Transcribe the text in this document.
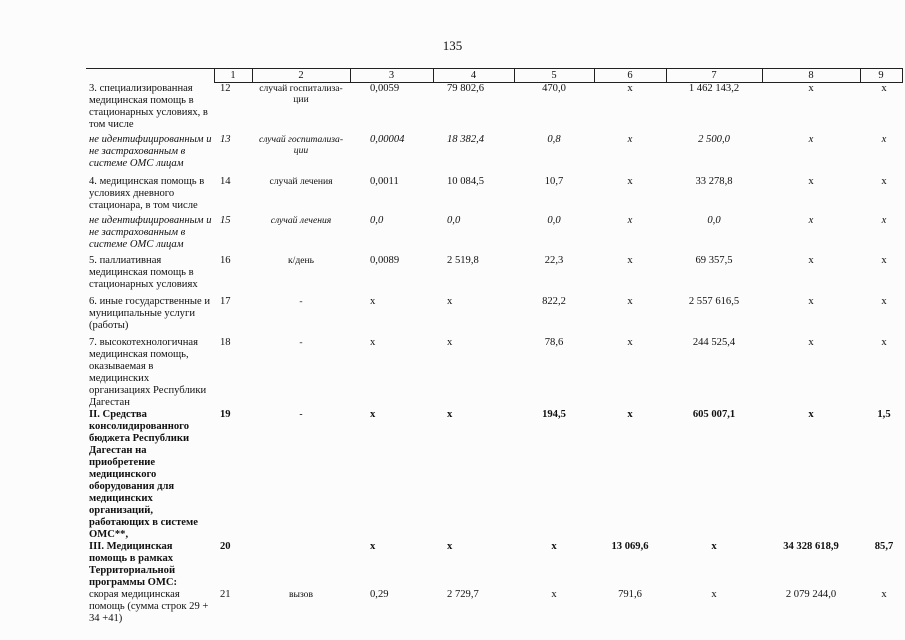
135
	1	2	3	4	5	6	7	8	9
3. специализированная медицинская помощь в стационарных условиях, в том числе	12	случай госпитализа-ции	0,0059	79 802,6	470,0	х	1 462 143,2	х	х
не идентифицированным и не застрахованным в системе ОМС лицам	13	случай госпитализа-ции	0,00004	18 382,4	0,8	х	2 500,0	х	х
4. медицинская помощь в условиях дневного стационара, в том числе	14	случай лечения	0,0011	10 084,5	10,7	х	33 278,8	х	х
не идентифицированным и не застрахованным в системе ОМС лицам	15	случай лечения	0,0	0,0	0,0	х	0,0	х	х
5. паллиативная медицинская помощь в стационарных условиях	16	к/день	0,0089	2 519,8	22,3	х	69 357,5	х	х
6. иные государственные и муниципальные услуги (работы)	17	-	х	х	822,2	х	2 557 616,5	х	х
7. высокотехнологичная медицинская помощь, оказываемая в медицинских организациях Республики Дагестан	18	-	х	х	78,6	х	244 525,4	х	х
II. Средства консолидированного бюджета Республики Дагестан на приобретение медицинского оборудования для медицинских организаций, работающих в системе ОМС**,	19	-	х	х	194,5	х	605 007,1	х	1,5
III. Медицинская помощь в рамках Территориальной программы ОМС:	20		х	х	х	13 069,6	х	34 328 618,9	85,7
скорая медицинская помощь (сумма строк 29 + 34 +41)	21	вызов	0,29	2 729,7	х	791,6	х	2 079 244,0	х
